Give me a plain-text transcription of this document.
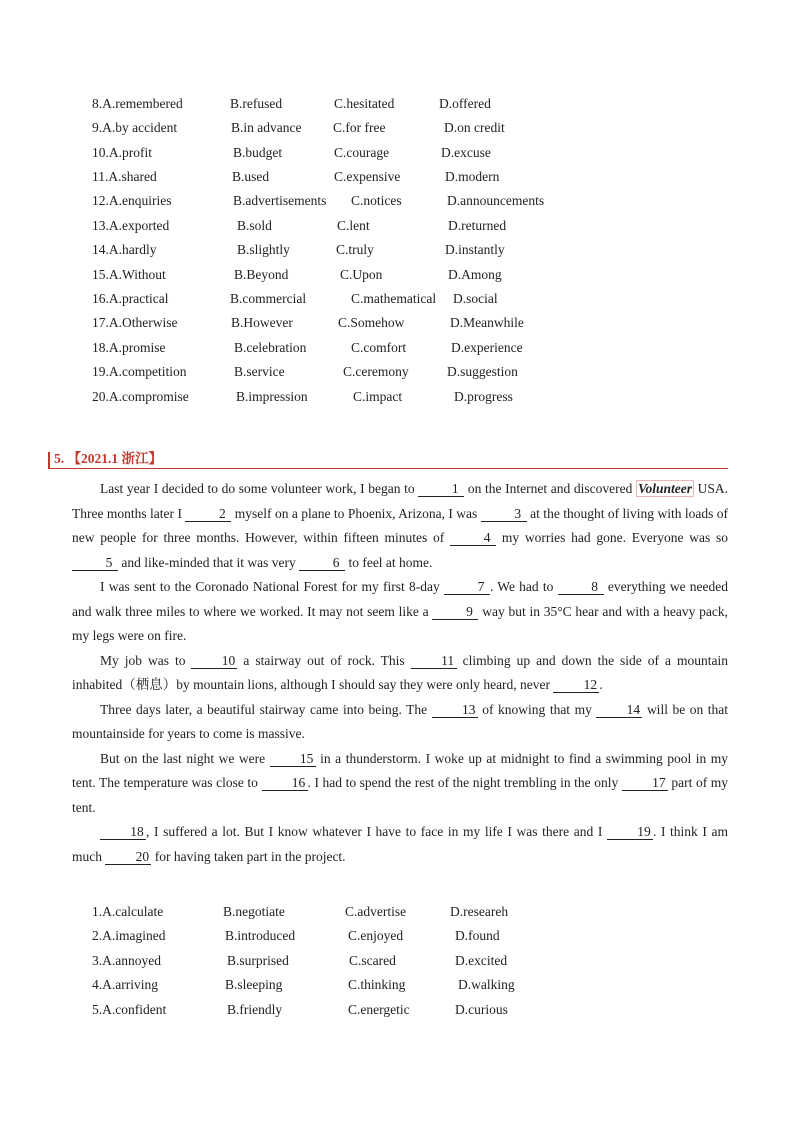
8.A.remembered	B.refused	C.hesitated	D.offered
9.A.by accident	B.in advance C.for free	D.on credit
10.A.profit	B.budget	C.courage	D.excuse
11.A.shared	B.used	C.expensive	D.modern
12.A.enquiries	B.advertisements C.notices	D.announcements
13.A.exported	B.sold	C.lent	D.returned
14.A.hardly	B.slightly	C.truly	D.instantly
15.A.Without	B.Beyond	C.Upon	D.Among
16.A.practical	B.commercial	C.mathematical D.social
17.A.Otherwise	B.However	C.Somehow	D.Meanwhile
18.A.promise	B.celebration	C.comfort	D.experience
19.A.competition	B.service	C.ceremony	D.suggestion
20.A.compromise	B.impression	C.impact	D.progress
5. 【2021.1 浙江】

Last year I decided to do some volunteer work, I began to	1 on the Internet and discovered Volunteer USA. Three months later I	2 myself on a plane to Phoenix, Arizona, I was	3 at the thought of living with loads of new people for three months. However, within fifteen minutes of	4 my worries had gone. Everyone was so 5 and like-minded that it was very	6 to feel at home.

I was sent to the Coronado National Forest for my first 8-day	7 . We had to	8 everything we needed and walk three miles to where we worked. It may not seem like a	9 way but in 35°C hear and with a heavy pack, my legs were on fire.

My job was to	10 a stairway out of rock. This	11 climbing up and down the side of a mountain inhabited（栖息）by mountain lions, although I should say they were only heard, never 12 .

Three days later, a beautiful stairway came into being. The	13 of knowing that my	14 will be on that mountainside for years to come is massive.

But on the last night we were	15 in a thunderstorm. I woke up at midnight to find a swimming pool in my tent. The temperature was close to	16 . I had to spend the rest of the night trembling in the only	17 part of my tent.

18 , I suffered a lot. But I know whatever I have to face in my life I was there and I	19 . I think I am much 20 for having taken part in the project.

1.A.calculate	B.negotiate	C.advertise	D.researeh
2.A.imagined	B.introduced	C.enjoyed	D.found
3.A.annoyed	B.surprised	C.scared	D.excited
4.A.arriving	B.sleeping	C.thinking	D.walking
5.A.confident	B.friendly	C.energetic	D.curious
